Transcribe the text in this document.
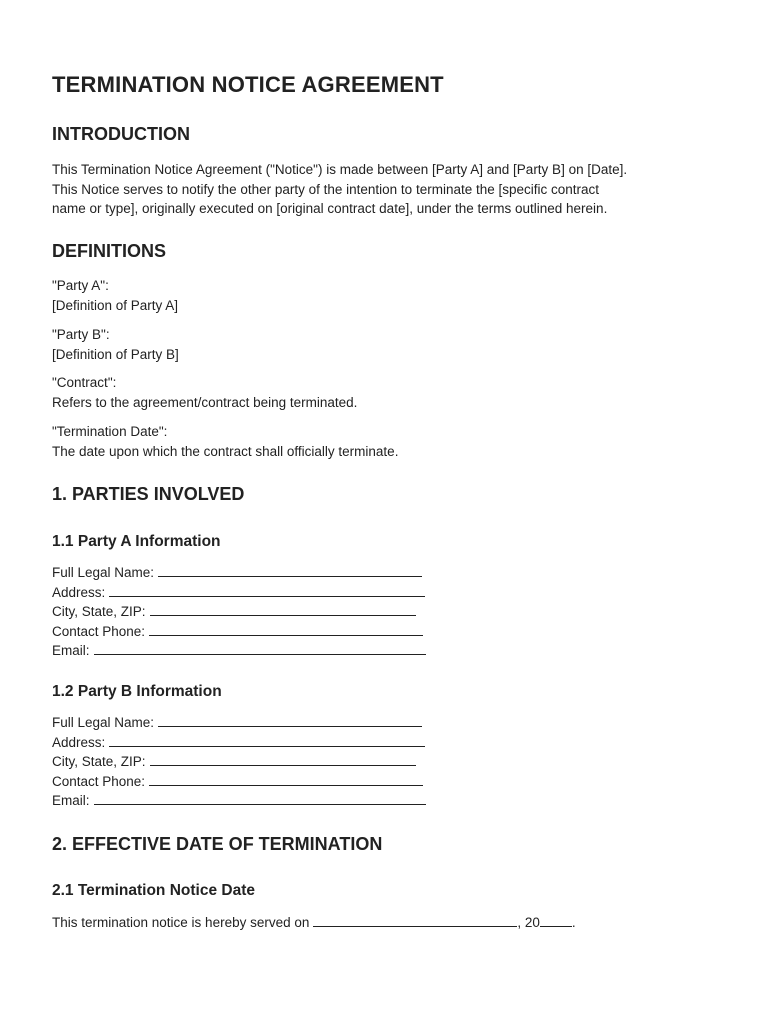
TERMINATION NOTICE AGREEMENT
INTRODUCTION
This Termination Notice Agreement ("Notice") is made between [Party A] and [Party B] on [Date].
This Notice serves to notify the other party of the intention to terminate the [specific contract
name or type], originally executed on [original contract date], under the terms outlined herein.
DEFINITIONS
"Party A":
[Definition of Party A]
"Party B":
[Definition of Party B]
"Contract":
Refers to the agreement/contract being terminated.
"Termination Date":
The date upon which the contract shall officially terminate.
1. PARTIES INVOLVED
1.1 Party A Information
Full Legal Name:
Address:
City, State, ZIP:
Contact Phone:
Email:
1.2 Party B Information
Full Legal Name:
Address:
City, State, ZIP:
Contact Phone:
Email:
2. EFFECTIVE DATE OF TERMINATION
2.1 Termination Notice Date
This termination notice is hereby served on	, 20 .
